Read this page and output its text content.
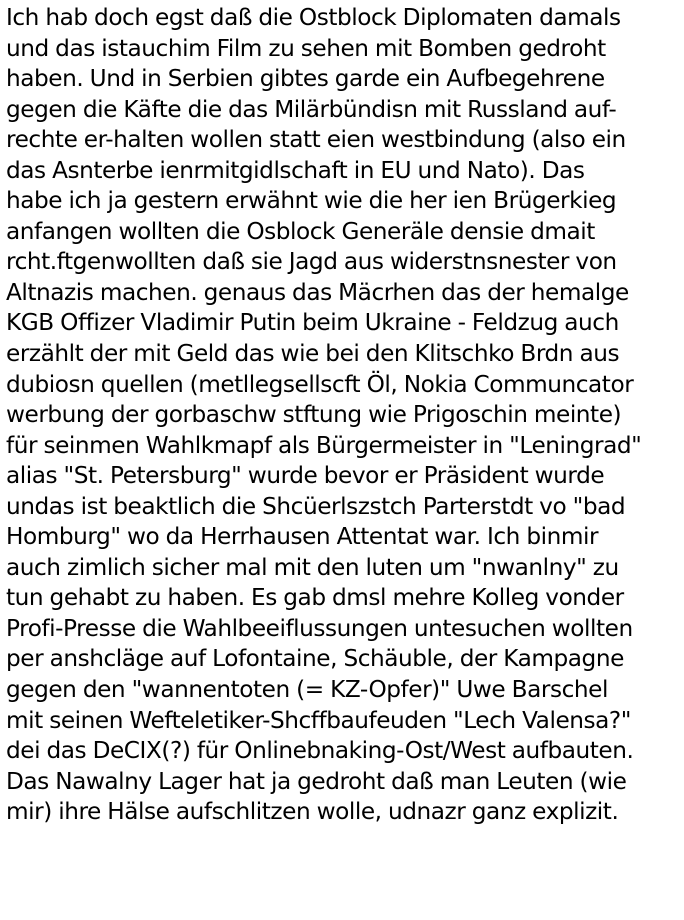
Ich hab doch egst daß die Ostblock Diplomaten damals
und das istauchim Film zu sehen mit Bomben gedroht
haben. Und in Serbien gibtes garde ein Aufbegehrene
gegen die Käfte die das Milärbündisn mit Russland auf-
rechte er-halten wollen statt eien westbindung (also ein
das Asnterbe ienrmitgidlschaft in EU und Nato). Das
habe ich ja gestern erwähnt wie die her ien Brügerkieg
anfangen wollten die Osblock Generäle densie dmait
rcht.ftgenwollten daß sie Jagd aus widerstnsnester von
Altnazis machen. genaus das Mäcrhen das der hemalge
KGB Offizer Vladimir Putin beim Ukraine - Feldzug auch
erzählt der mit Geld das wie bei den Klitschko Brdn aus
dubiosn quellen (metllegsellscft Öl, Nokia Communcator
werbung der gorbaschw stftung wie Prigoschin meinte)
für seinmen Wahlkmapf als Bürgermeister in "Leningrad"
alias "St. Petersburg" wurde bevor er Präsident wurde
undas ist beaktlich die Shcüerlszstch Parterstdt vo "bad
Homburg" wo da Herrhausen Attentat war. Ich binmir
auch zimlich sicher mal mit den luten um "nwanlny" zu
tun gehabt zu haben. Es gab dmsl mehre Kolleg vonder
Profi-Presse die Wahlbeeiflussungen untesuchen wollten
per anshcläge auf Lofontaine, Schäuble, der Kampagne
gegen den "wannentoten (= KZ-Opfer)" Uwe Barschel
mit seinen Wefteletiker-Shcffbaufeuden "Lech Valensa?"
dei das DeCIX(?) für Onlinebnaking-Ost/West aufbauten.
Das Nawalny Lager hat ja gedroht daß man Leuten (wie
mir) ihre Hälse aufschlitzen wolle, udnazr ganz explizit.
